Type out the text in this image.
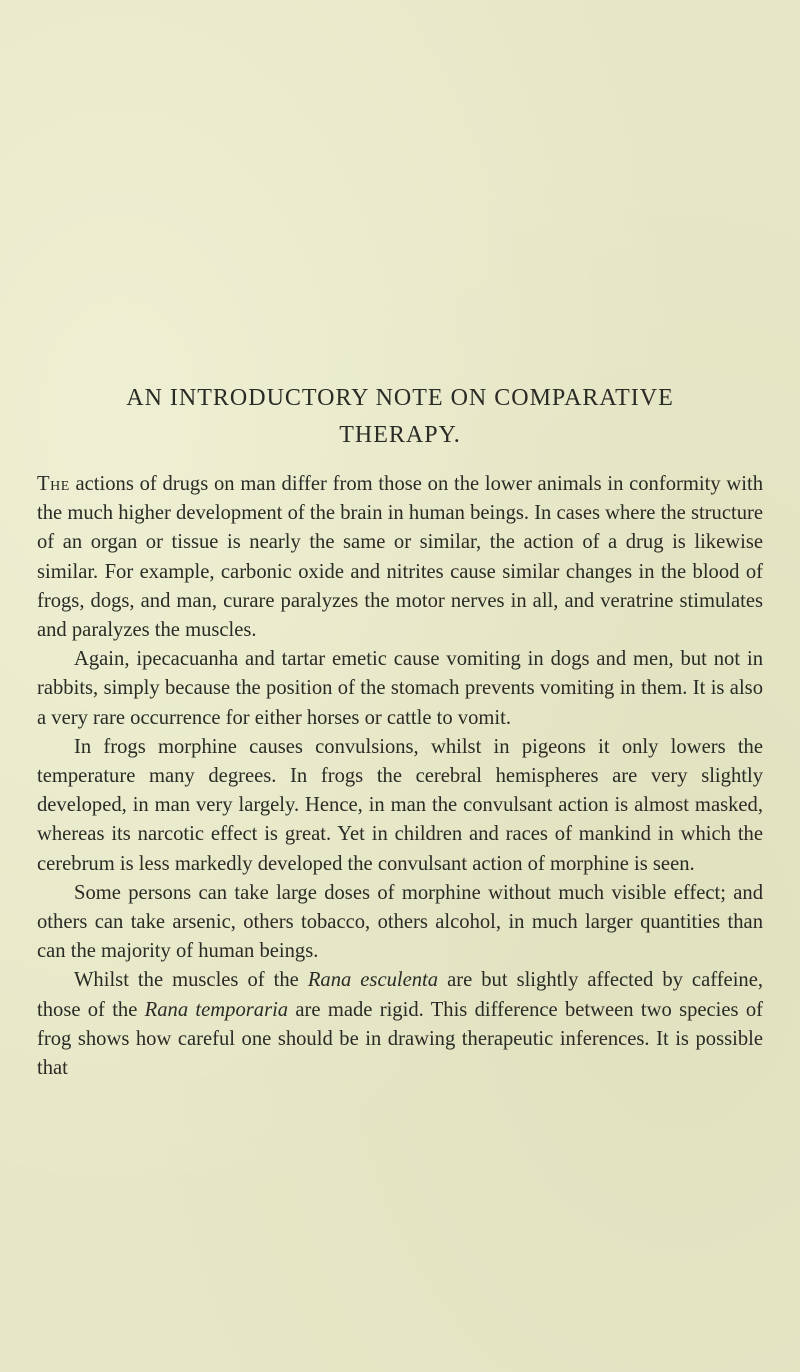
AN INTRODUCTORY NOTE ON COMPARATIVE
THERAPY.

The actions of drugs on man differ from those on the lower animals in conformity with the much higher development of the brain in human beings. In cases where the structure of an organ or tissue is nearly the same or similar, the action of a drug is likewise similar. For example, carbonic oxide and nitrites cause similar changes in the blood of frogs, dogs, and man, curare paralyzes the motor nerves in all, and veratrine stimulates and paralyzes the muscles.

Again, ipecacuanha and tartar emetic cause vomiting in dogs and men, but not in rabbits, simply because the position of the stomach prevents vomiting in them. It is also a very rare occurrence for either horses or cattle to vomit.

In frogs morphine causes convulsions, whilst in pigeons it only lowers the temperature many degrees. In frogs the cerebral hemispheres are very slightly developed, in man very largely. Hence, in man the convulsant action is almost masked, whereas its narcotic effect is great. Yet in children and races of mankind in which the cerebrum is less markedly developed the convulsant action of morphine is seen.

Some persons can take large doses of morphine without much visible effect; and others can take arsenic, others tobacco, others alcohol, in much larger quantities than can the majority of human beings.

Whilst the muscles of the Rana esculenta are but slightly affected by caffeine, those of the Rana temporaria are made rigid. This difference between two species of frog shows how careful one should be in drawing therapeutic inferences. It is possible that
